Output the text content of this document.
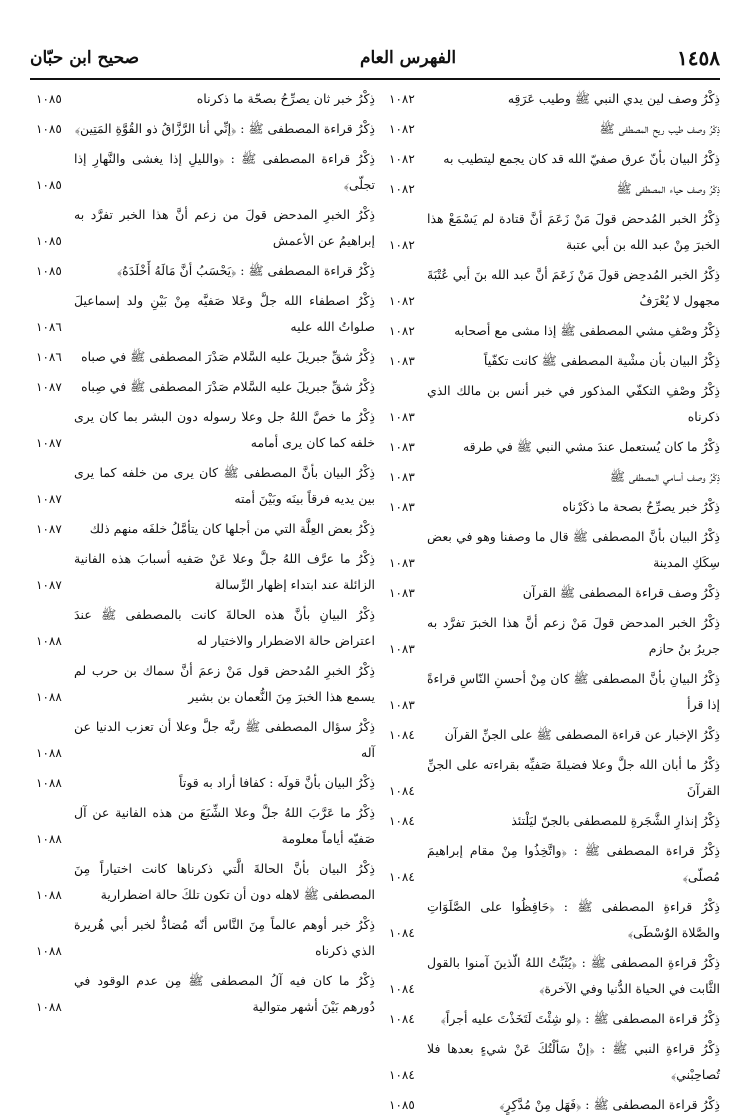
١٤٥٨
الفهرس العام
صحيح ابن حبّان
ذِكْرُ وصف لين يدي النبي ﷺ وطيب عَرَقِه
١٠٨٢
ذِكْرُ وصف طيب ريح المصطفى ﷺ
١٠٨٢
ذِكْرُ البيان بأنّ عرق صفيّ الله قد كان يجمع ليتطيب به
١٠٨٢
ذِكْرُ وصف حياء المصطفى ﷺ
١٠٨٢
ذِكْرُ الخبر المُدحض قولَ مَنْ زَعَمَ أنَّ قتادة لم يَسْمَعْ هذا الخبرَ مِنْ عبد الله بن أبي عتبة
١٠٨٢
ذِكْرُ الخبر المُدحِض قولَ مَنْ زَعَمَ أنَّ عبد الله بنَ أبي عُتْبَةَ مجهول لا يُعْرَفُ
١٠٨٢
ذِكْرُ وصْفِ مشي المصطفى ﷺ إذا مشى مع أصحابه
١٠٨٢
ذِكْرُ البيان بأن مشْية المصطفى ﷺ كانت تكفّياً
١٠٨٣
ذِكْرُ وصْفِ التكفّي المذكور في خبر أنس بن مالك الذي ذكرناه
١٠٨٣
ذِكْرُ ما كان يُستعمل عندَ مشي النبي ﷺ في طرقه
١٠٨٣
ذِكْرُ وصف أسامي المصطفى ﷺ
١٠٨٣
ذِكْرُ خبر يصرِّحُ بصحة ما ذكَرْناه
١٠٨٣
ذِكْرُ البيان بأنَّ المصطفى ﷺ قال ما وصفنا وهو في بعض سِكَكِ المدينة
١٠٨٣
ذِكْرُ وصف قراءة المصطفى ﷺ القرآن
١٠٨٣
ذِكْرُ الخبر المدحض قولَ مَنْ زعم أنَّ هذا الخبرَ تفرَّد به جريرُ بنُ حازم
١٠٨٣
ذِكْرُ البيانِ بأنَّ المصطفى ﷺ كان مِنْ أحسنِ النّاسِ قراءةً إذا قرأ
١٠٨٣
ذِكْرُ الإخبار عن قراءة المصطفى ﷺ على الجنِّ القرآن
١٠٨٤
ذِكْرُ ما أبان الله جلَّ وعلا فضيلةَ صَفيِّه بقراءته على الجنِّ القرآنَ
١٠٨٤
ذِكْرُ إنذارِ الشَّجَرةِ للمصطفى بالجنّ ليَلْتئذ
١٠٨٤
ذِكْرُ قراءة المصطفى ﷺ : ﴿واتَّخِذُوا مِنْ مقام إبراهيمَ مُصلّى﴾
١٠٨٤
ذِكْرُ قراءةِ المصطفى ﷺ : ﴿حَافِظُوا على الصَّلَوَاتِ والصَّلاة الوُسْطَى﴾
١٠٨٤
ذِكْرُ قراءةِ المصطفى ﷺ : ﴿يُثَبِّتُ اللهُ الّذينَ آمنوا بالقول الثَّابت في الحياة الدُّنيا وفي الآخرة﴾
١٠٨٤
ذِكْرُ قراءة المصطفى ﷺ : ﴿لو شِئْتَ لَتَخَذْتَ عليه أجراً﴾
١٠٨٤
ذِكْرُ قراءةِ النبي ﷺ : ﴿إنْ سَألْتُكَ عَنْ شيءٍ بعدها فلا تُصاحِبْني﴾
١٠٨٤
ذِكْرُ قراءة المصطفى ﷺ : ﴿فَهَل مِنْ مُدَّكِرٍ﴾
١٠٨٥
ذِكْرُ خبر ثان يصرِّحُ بصحّة ما ذكرناه
١٠٨٥
ذِكْرُ قراءة المصطفى ﷺ : ﴿إنِّي أنا الرَّزَّاقُ ذو القُوَّةِ المَتِين﴾
١٠٨٥
ذِكْرُ قراءة المصطفى ﷺ : ﴿والليلِ إذا يغشى والنَّهارِ إذا تجلّى﴾
١٠٨٥
ذِكْرُ الخبرِ المدحض قولَ من زعم أنَّ هذا الخبر تفرَّد به إبراهيمُ عن الأعمش
١٠٨٥
ذِكْرُ قراءة المصطفى ﷺ : ﴿يَحْسَبُ أنَّ مَالَهُ أَخْلَدَهُ﴾
١٠٨٥
ذِكْرُ اصطفاء الله جلَّ وعَلا صَفيَّه مِنْ بَيْنِ ولد إسماعيلَ صلواتُ الله عليه
١٠٨٦
ذِكْرُ شقِّ جبريلَ عليه السَّلام صَدْرَ المصطفى ﷺ في صباه
١٠٨٦
ذِكْرُ شقِّ جبريلَ عليه السَّلام صَدْرَ المصطفى ﷺ في صِباه
١٠٨٧
ذِكْرُ ما خصَّ اللهُ جل وعلا رسوله دون البشر بما كان يرى خلفه كما كان يرى أمامه
١٠٨٧
ذِكْرُ البيان بأنَّ المصطفى ﷺ كان يرى من خلفه كما يرى بين يديه فرقاً بينَه وبَيْنَ أمته
١٠٨٧
ذِكْرُ بعض العِلَّة التي من أجلها كان يتأمَّلُ خلفَه منهم ذلك
١٠٨٧
ذِكْرُ ما عرَّف اللهُ جلَّ وعلا عَنْ صَفيه أسبابَ هذه الفانية الزائلة عند ابتداء إظهار الرِّسالة
١٠٨٧
ذِكْرُ البيانِ بأنَّ هذه الحالةَ كانت بالمصطفى ﷺ عندَ اعتراض حالة الاضطرار والاختيار له
١٠٨٨
ذِكْرُ الخبرِ المُدحض قول مَنْ زعمَ أنَّ سماك بن حرب لم يسمع هذا الخبرَ مِنَ النُّعمان بن بشير
١٠٨٨
ذِكْرُ سؤال المصطفى ﷺ ربَّه جلَّ وعلا أن تعزب الدنيا عن آله
١٠٨٨
ذِكْرُ البيان بأنَّ قولَه : كفافا أراد به قوتاً
١٠٨٨
ذِكْرُ ما عَرَّبَ اللهُ جلَّ وعلا الشِّبَعَ من هذه الفانية عن آل صَفيّه أياماً معلومة
١٠٨٨
ذِكْرُ البيان بأنَّ الحالةَ الَّتي ذكرناها كانت اختياراً مِنَ المصطفى ﷺ لاهله دون أن تكون تلكَ حالة اضطرارية
١٠٨٨
ذِكْرُ خبر أوهم عالماً مِنَ النَّاس أنّه مُضادٌّ لخبر أبي هُريرة الذي ذكرناه
١٠٨٨
ذِكْرُ ما كان فيه آلُ المصطفى ﷺ مِن عدم الوقود في دُورهم بَيْنَ أشهر متوالية
١٠٨٨
